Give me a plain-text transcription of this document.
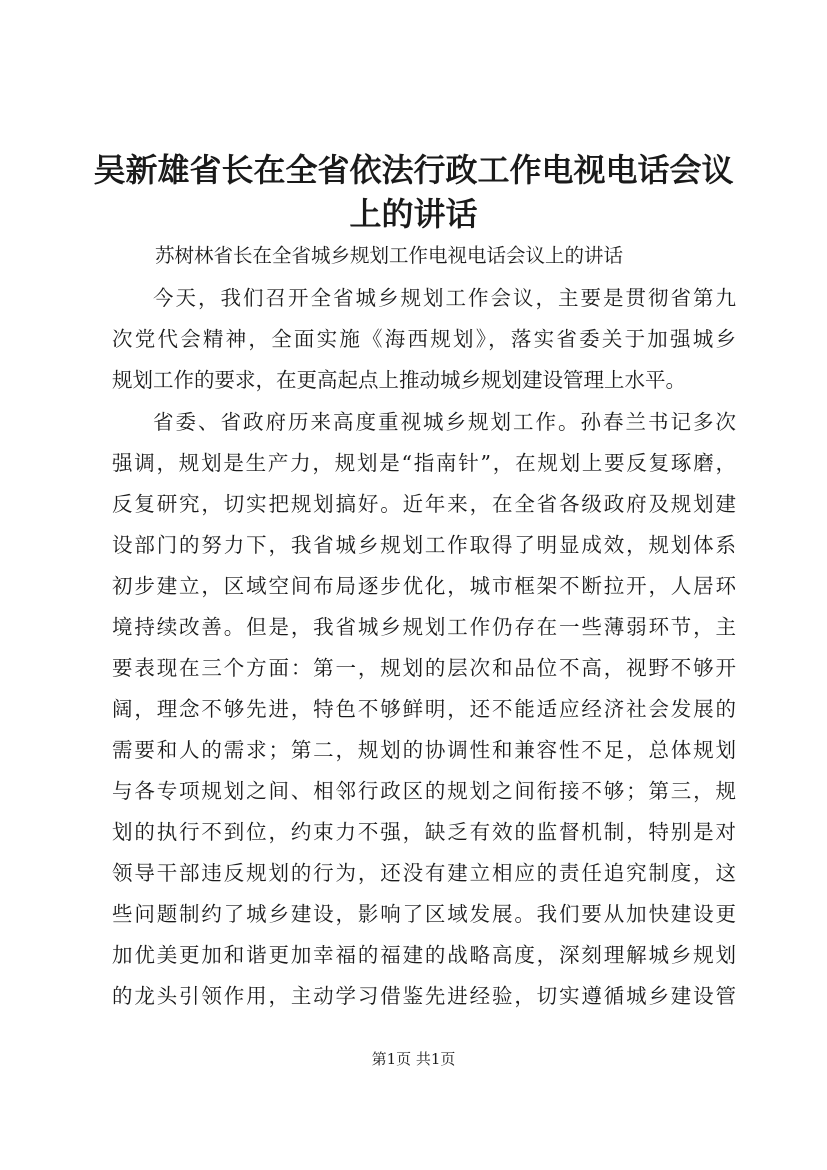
吴新雄省长在全省依法行政工作电视电话会议
上的讲话
苏树林省长在全省城乡规划工作电视电话会议上的讲话
今天，我们召开全省城乡规划工作会议，主要是贯彻省第九
次党代会精神，全面实施《海西规划》，落实省委关于加强城乡
规划工作的要求，在更高起点上推动城乡规划建设管理上水平。
省委、省政府历来高度重视城乡规划工作。孙春兰书记多次
强调，规划是生产力，规划是“指南针”，在规划上要反复琢磨，
反复研究，切实把规划搞好。近年来，在全省各级政府及规划建
设部门的努力下，我省城乡规划工作取得了明显成效，规划体系
初步建立，区域空间布局逐步优化，城市框架不断拉开，人居环
境持续改善。但是，我省城乡规划工作仍存在一些薄弱环节，主
要表现在三个方面：第一，规划的层次和品位不高，视野不够开
阔，理念不够先进，特色不够鲜明，还不能适应经济社会发展的
需要和人的需求；第二，规划的协调性和兼容性不足，总体规划
与各专项规划之间、相邻行政区的规划之间衔接不够；第三，规
划的执行不到位，约束力不强，缺乏有效的监督机制，特别是对
领导干部违反规划的行为，还没有建立相应的责任追究制度，这
些问题制约了城乡建设，影响了区域发展。我们要从加快建设更
加优美更加和谐更加幸福的福建的战略高度，深刻理解城乡规划
的龙头引领作用，主动学习借鉴先进经验，切实遵循城乡建设管
第1页 共1页
